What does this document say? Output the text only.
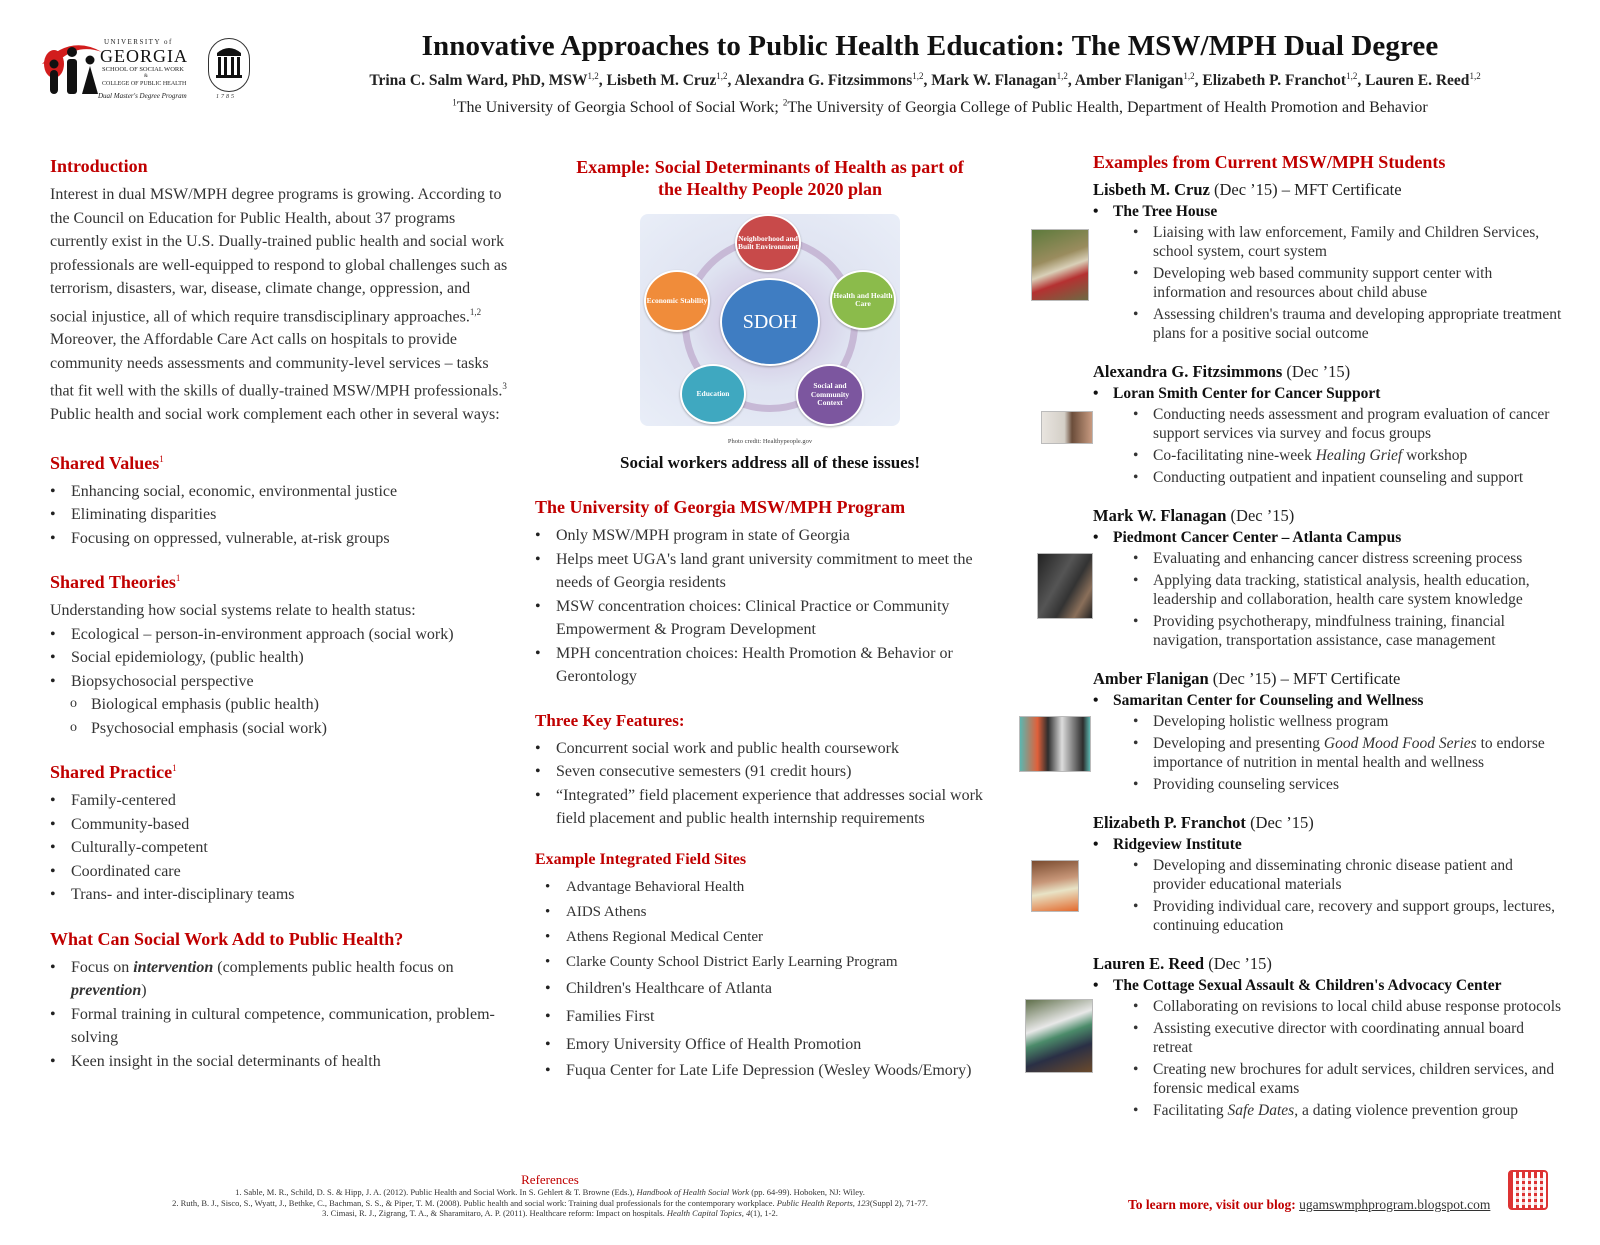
UNIVERSITY of
GEORGIA
SCHOOL OF SOCIAL WORK
&
COLLEGE OF PUBLIC HEALTH
Dual Master's Degree Program	1785
Innovative Approaches to Public Health Education: The MSW/MPH Dual Degree
Trina C. Salm Ward, PhD, MSW$^{1,2}$, Lisbeth M. Cruz$^{1,2}$, Alexandra G. Fitzsimmons$^{1,2}$, Mark W. Flanagan$^{1,2}$, Amber Flanigan$^{1,2}$, Elizabeth P. Franchot$^{1,2}$, Lauren E. Reed$^{1,2}$
$^1$The University of Georgia School of Social Work; $^2$The University of Georgia College of Public Health, Department of Health Promotion and Behavior
Introduction
Interest in dual MSW/MPH degree programs is growing. According to the Council on Education for Public Health, about 37 programs currently exist in the U.S. Dually-trained public health and social work professionals are well-equipped to respond to global challenges such as terrorism, disasters, war, disease, climate change, oppression, and social injustice, all of which require transdisciplinary approaches.$^{1,2}$ Moreover, the Affordable Care Act calls on hospitals to provide community needs assessments and community-level services – tasks that fit well with the skills of dually-trained MSW/MPH professionals.$^3$ Public health and social work complement each other in several ways:
Shared Values$^1$
• Enhancing social, economic, environmental justice
• Eliminating disparities
• Focusing on oppressed, vulnerable, at-risk groups
Shared Theories$^1$
Understanding how social systems relate to health status:
• Ecological – person-in-environment approach (social work)
• Social epidemiology, (public health)
• Biopsychosocial perspective
o Biological emphasis (public health)
o Psychosocial emphasis (social work)
Shared Practice$^1$
• Family-centered
• Community-based
• Culturally-competent
• Coordinated care
• Trans- and inter-disciplinary teams
What Can Social Work Add to Public Health?
• Focus on intervention (complements public health focus on prevention)
• Formal training in cultural competence, communication, problem-solving
• Keen insight in the social determinants of health
Example: Social Determinants of Health as part of
the Healthy People 2020 plan
SDOH
Neighborhood and Built Environment
Health and Health Care
Social and Community Context
Education
Economic Stability
Photo credit: Healthypeople.gov
Social workers address all of these issues!
The University of Georgia MSW/MPH Program
• Only MSW/MPH program in state of Georgia
• Helps meet UGA's land grant university commitment to meet the needs of Georgia residents
• MSW concentration choices: Clinical Practice or Community Empowerment & Program Development
• MPH concentration choices: Health Promotion & Behavior or Gerontology
Three Key Features:
• Concurrent social work and public health coursework
• Seven consecutive semesters (91 credit hours)
• “Integrated” field placement experience that addresses social work field placement and public health internship requirements
Example Integrated Field Sites
• Advantage Behavioral Health
• AIDS Athens
• Athens Regional Medical Center
• Clarke County School District Early Learning Program
• Children's Healthcare of Atlanta
• Families First
• Emory University Office of Health Promotion
• Fuqua Center for Late Life Depression (Wesley Woods/Emory)
Examples from Current MSW/MPH Students
Lisbeth M. Cruz (Dec ’15) – MFT Certificate
• The Tree House
• Liaising with law enforcement, Family and Children Services, school system, court system
• Developing web based community support center with information and resources about child abuse
• Assessing children's trauma and developing appropriate treatment plans for a positive social outcome
Alexandra G. Fitzsimmons (Dec ’15)
• Loran Smith Center for Cancer Support
• Conducting needs assessment and program evaluation of cancer support services via survey and focus groups
• Co-facilitating nine-week Healing Grief workshop
• Conducting outpatient and inpatient counseling and support
Mark W. Flanagan (Dec ’15)
• Piedmont Cancer Center – Atlanta Campus
• Evaluating and enhancing cancer distress screening process
• Applying data tracking, statistical analysis, health education, leadership and collaboration, health care system knowledge
• Providing psychotherapy, mindfulness training, financial navigation, transportation assistance, case management
Amber Flanigan (Dec ’15) – MFT Certificate
• Samaritan Center for Counseling and Wellness
• Developing holistic wellness program
• Developing and presenting Good Mood Food Series to endorse importance of nutrition in mental health and wellness
• Providing counseling services
Elizabeth P. Franchot (Dec ’15)
• Ridgeview Institute
• Developing and disseminating chronic disease patient and provider educational materials
• Providing individual care, recovery and support groups, lectures, continuing education
Lauren E. Reed (Dec ’15)
• The Cottage Sexual Assault & Children's Advocacy Center
• Collaborating on revisions to local child abuse response protocols
• Assisting executive director with coordinating annual board retreat
• Creating new brochures for adult services, children services, and forensic medical exams
• Facilitating Safe Dates, a dating violence prevention group
References
1. Sable, M. R., Schild, D. S. & Hipp, J. A. (2012). Public Health and Social Work. In S. Gehlert & T. Browne (Eds.), Handbook of Health Social Work (pp. 64-99). Hoboken, NJ: Wiley.
2. Ruth, B. J., Sisco, S., Wyatt, J., Bethke, C., Bachman, S. S., & Piper, T. M. (2008). Public health and social work: Training dual professionals for the contemporary workplace. Public Health Reports, 123(Suppl 2), 71-77.
3. Cimasi, R. J., Zigrang, T. A., & Sharamitaro, A. P. (2011). Healthcare reform: Impact on hospitals. Health Capital Topics, 4(1), 1-2.
To learn more, visit our blog: ugamswmphprogram.blogspot.com
